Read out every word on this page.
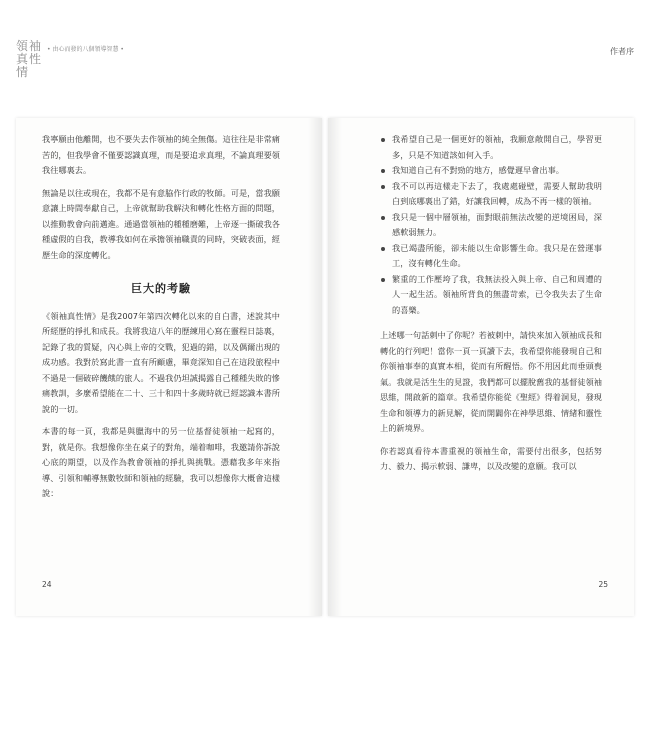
領袖真性情
• 由心而發的八個領導智慧 •	作者序

我寧願由他離開，也不要失去作領袖的純全無傷。這往往是非常痛苦的，但我學會不僅要認識真理，而是要追求真理，不論真理要領我往哪裏去。

無論是以往或現在，我都不是有意脇作行政的牧師。可是，當我願意讓上時間奉獻自己，上帝就幫助我解決和轉化性格方面的問題，以推動教會向前邁進。通過當領袖的種種磨難，上帝逐一撕破我各種虛假的自我，教導我如何在承擔領袖職責的同時，突破表面，經歷生命的深度轉化。

巨大的考驗

《領袖真性情》是我2007年第四次轉化以來的自白書，述說其中所經歷的掙扎和成長。我將我這八年的歷練用心寫在靈程日誌裏，記錄了我的質疑，內心與上帝的交戰，犯過的錯，以及偶爾出現的成功感。我對於寫此書一直有所顧慮，畢竟深知自己在這段旅程中不過是一個破碎饑餓的旅人。不過我仍坦誠揭露自己種種失敗的慘痛教訓，多麼希望能在二十、三十和四十多歲時就已經認識本書所說的一切。

本書的每一頁，我都是與臘海中的另一位基督徒領袖一起寫的，對，就是你。我想像你坐在桌子的對角，端着咖啡，我邀請你訴說心底的期望，以及作為教會領袖的掙扎與挑戰。憑藉我多年來指導、引領和輔導無數牧師和領袖的經驗，我可以想像你大概會這樣說：

24
我希望自己是一個更好的領袖，我願意敞開自己，學習更多，只是不知道該如何入手。
我知道自己有不對勁的地方，感覺遲早會出事。
我不可以再這樣走下去了，我處處碰壁，需要人幫助我明白到底哪裏出了錯，好讓我回轉，成為不再一樣的領袖。
我只是一個中層領袖，面對眼前無法改變的逆境困局，深感軟弱無力。
我已竭盡所能，卻未能以生命影響生命。我只是在營運事工，沒有轉化生命。
繁重的工作壓垮了我，我無法投入與上帝、自己和周遭的人一起生活。領袖所背負的無盡苛索，已令我失去了生命的喜樂。

上述哪一句話刺中了你呢？若被刺中，請快來加入領袖成長和轉化的行列吧！當你一頁一頁讀下去，我希望你能發現自己和你領袖事奉的真實本相，從而有所醒悟。你不用因此而垂頭喪氣。我就是活生生的見證，我們都可以擺脫舊我的基督徒領袖思維，開啟新的篇章。我希望你能從《聖經》得着洞見，發現生命和領導力的新見解，從而開闢你在神學思維、情緒和靈性上的新境界。

你若認真看待本書重視的領袖生命，需要付出很多，包括努力、毅力、揭示軟弱、謙卑，以及改變的意願。我可以

25
